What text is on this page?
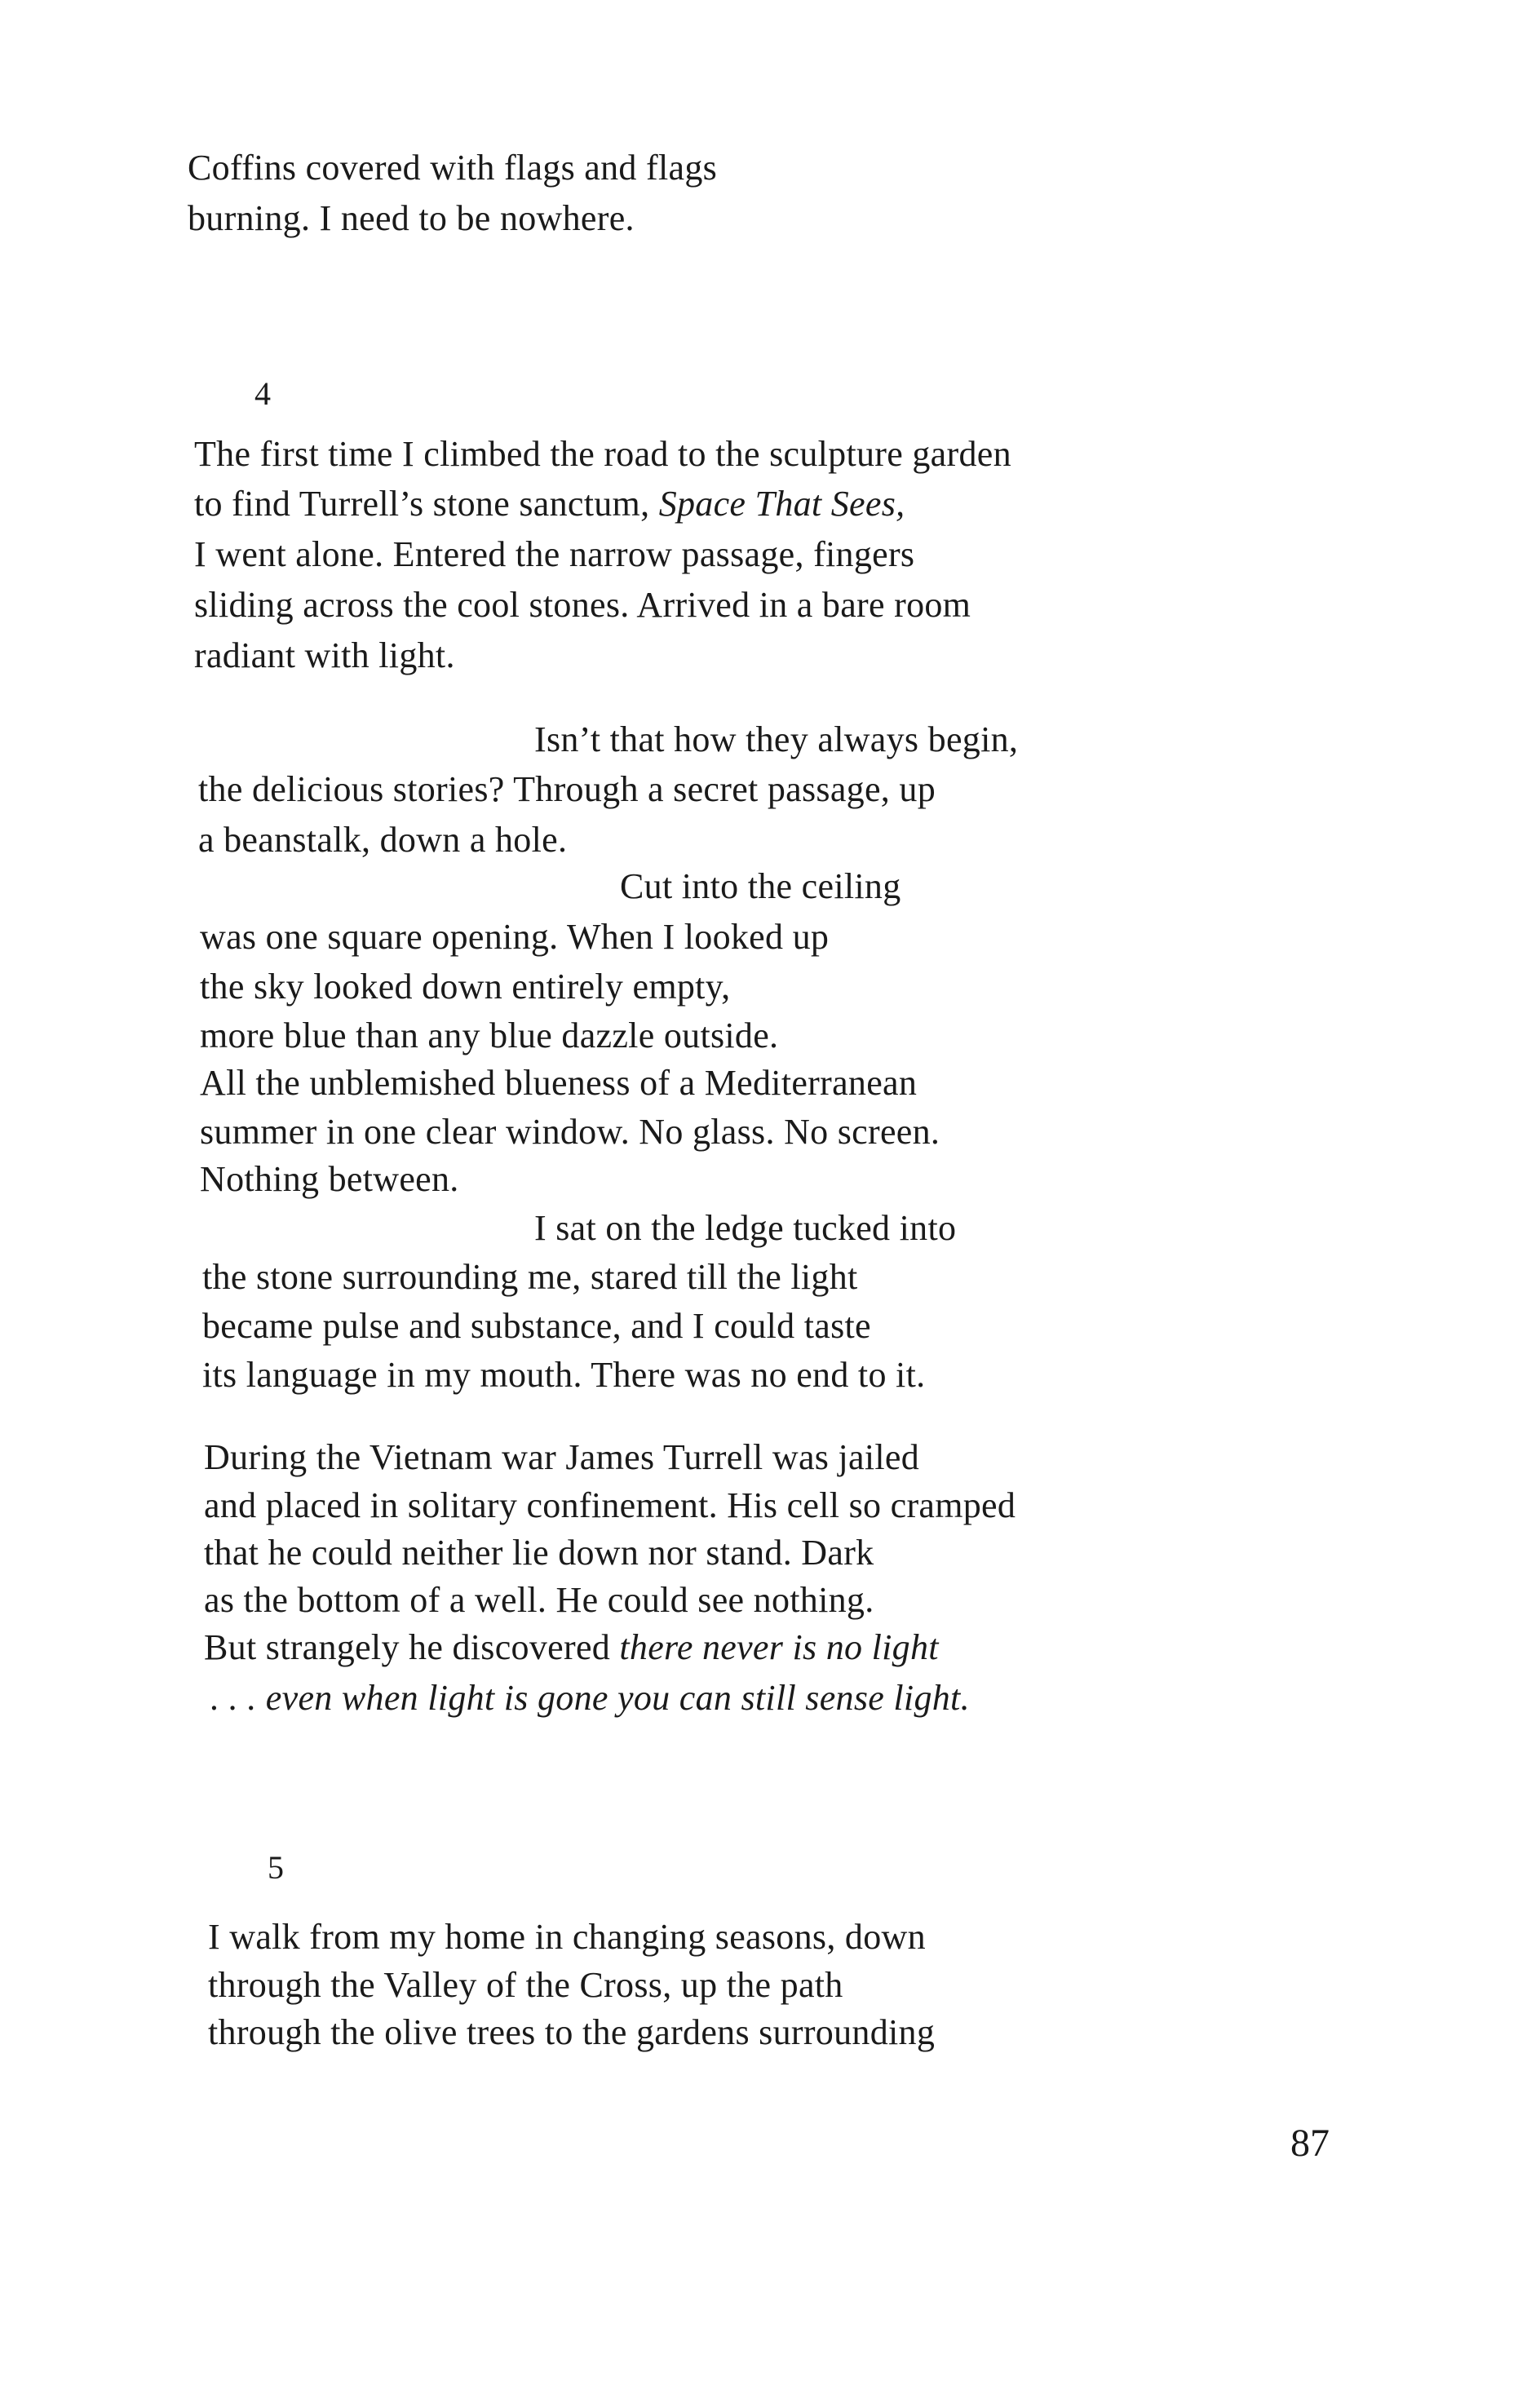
Coffins covered with flags and flags
burning. I need to be nowhere.
4
The first time I climbed the road to the sculpture garden
to find Turrell’s stone sanctum, Space That Sees,
I went alone. Entered the narrow passage, fingers
sliding across the cool stones. Arrived in a bare room
radiant with light.
Isn’t that how they always begin,
the delicious stories? Through a secret passage, up
a beanstalk, down a hole.
Cut into the ceiling
was one square opening. When I looked up
the sky looked down entirely empty,
more blue than any blue dazzle outside.
All the unblemished blueness of a Mediterranean
summer in one clear window. No glass. No screen.
Nothing between.
I sat on the ledge tucked into
the stone surrounding me, stared till the light
became pulse and substance, and I could taste
its language in my mouth. There was no end to it.
During the Vietnam war James Turrell was jailed
and placed in solitary confinement. His cell so cramped
that he could neither lie down nor stand. Dark
as the bottom of a well. He could see nothing.
But strangely he discovered there never is no light
. . . even when light is gone you can still sense light.
5
I walk from my home in changing seasons, down
through the Valley of the Cross, up the path
through the olive trees to the gardens surrounding
87
